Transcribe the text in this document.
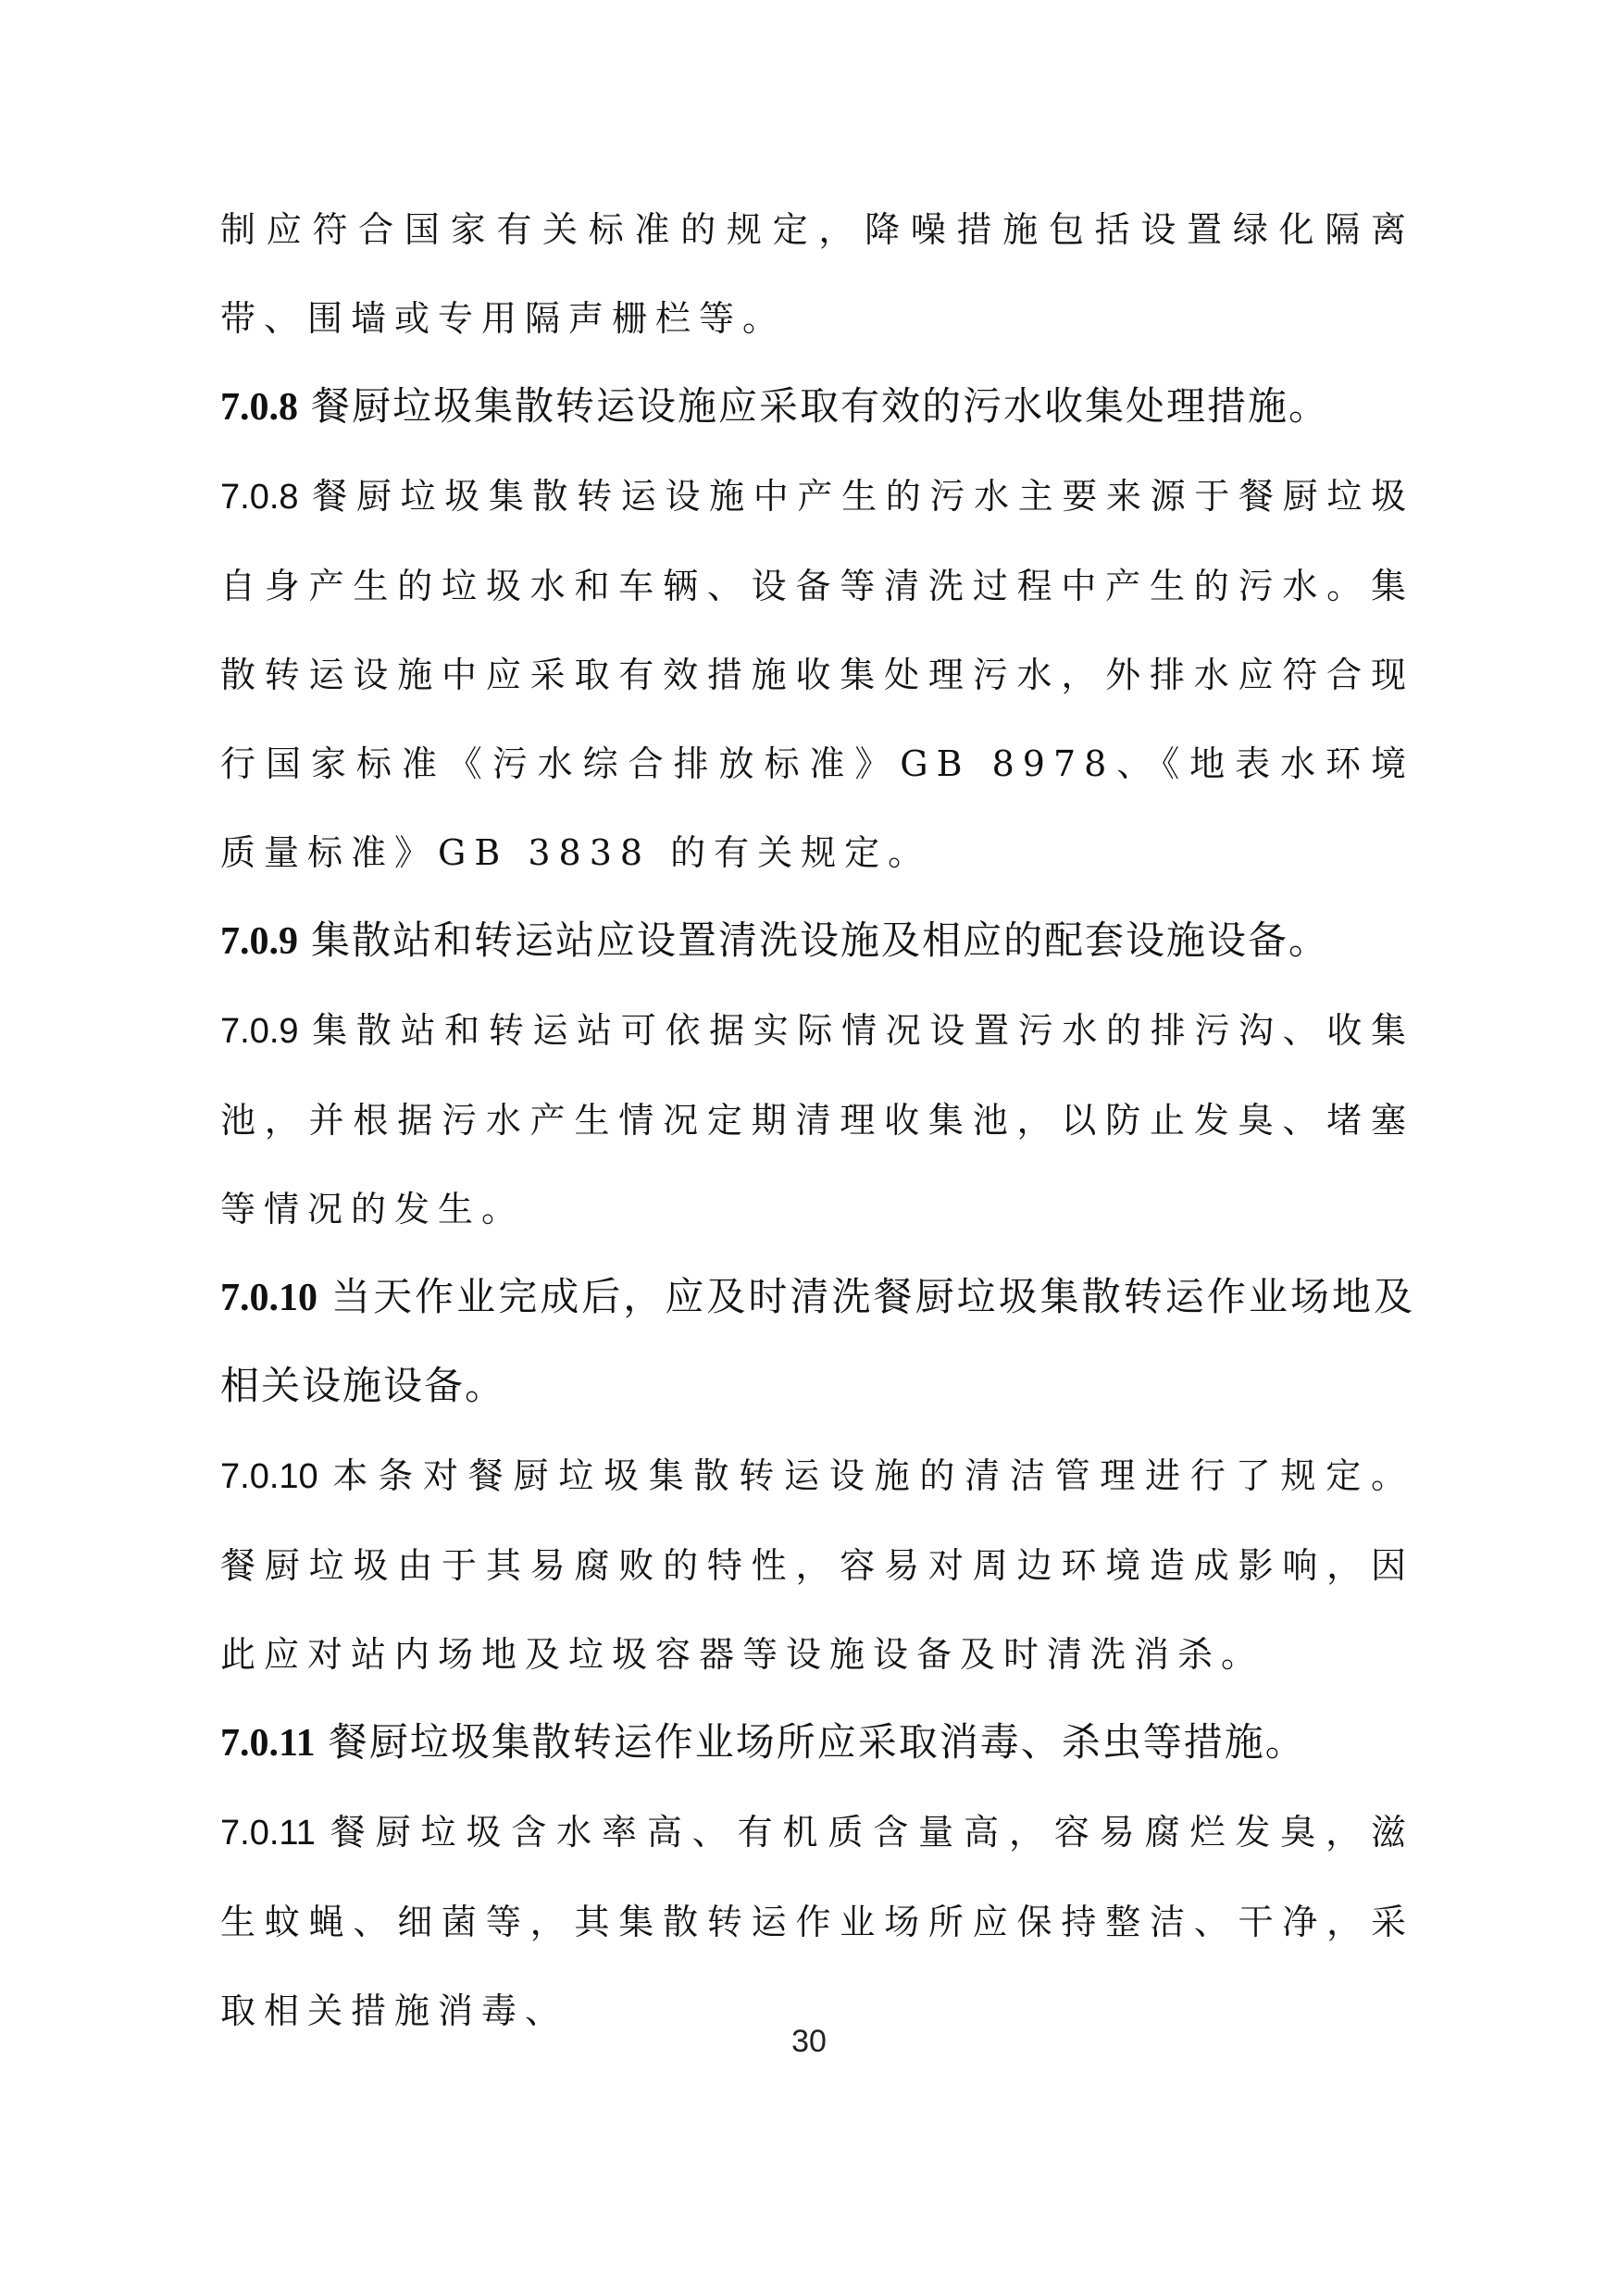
制应符合国家有关标准的规定，降噪措施包括设置绿化隔离带、围墙或专用隔声栅栏等。

7.0.8 餐厨垃圾集散转运设施应采取有效的污水收集处理措施。

7.0.8 餐厨垃圾集散转运设施中产生的污水主要来源于餐厨垃圾自身产生的垃圾水和车辆、设备等清洗过程中产生的污水。集散转运设施中应采取有效措施收集处理污水，外排水应符合现行国家标准《污水综合排放标准》GB 8978、《地表水环境质量标准》GB 3838 的有关规定。

7.0.9 集散站和转运站应设置清洗设施及相应的配套设施设备。

7.0.9 集散站和转运站可依据实际情况设置污水的排污沟、收集池，并根据污水产生情况定期清理收集池，以防止发臭、堵塞等情况的发生。

7.0.10 当天作业完成后，应及时清洗餐厨垃圾集散转运作业场地及相关设施设备。

7.0.10 本条对餐厨垃圾集散转运设施的清洁管理进行了规定。餐厨垃圾由于其易腐败的特性，容易对周边环境造成影响，因此应对站内场地及垃圾容器等设施设备及时清洗消杀。

7.0.11 餐厨垃圾集散转运作业场所应采取消毒、杀虫等措施。

7.0.11 餐厨垃圾含水率高、有机质含量高，容易腐烂发臭，滋生蚊蝇、细菌等，其集散转运作业场所应保持整洁、干净，采取相关措施消毒、

30
